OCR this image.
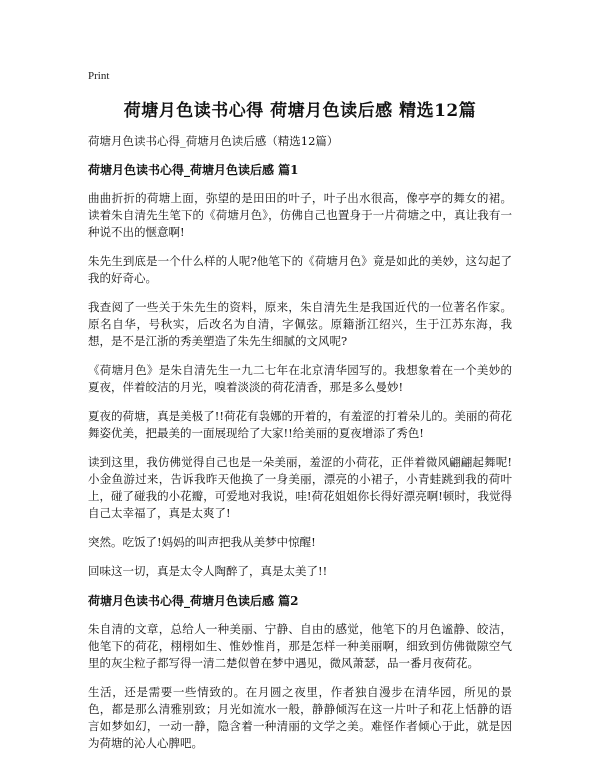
Print
荷塘月色读书心得 荷塘月色读后感 精选12篇
荷塘月色读书心得_荷塘月色读后感（精选12篇）
荷塘月色读书心得_荷塘月色读后感 篇1

曲曲折折的荷塘上面，弥望的是田田的叶子，叶子出水很高，像亭亭的舞女的裙。读着朱自清先生笔下的《荷塘月色》，仿佛自己也置身于一片荷塘之中，真让我有一种说不出的惬意啊!

朱先生到底是一个什么样的人呢?他笔下的《荷塘月色》竟是如此的美妙，这勾起了我的好奇心。

我查阅了一些关于朱先生的资料，原来，朱自清先生是我国近代的一位著名作家。原名自华，号秋实，后改名为自清，字佩弦。原籍浙江绍兴，生于江苏东海，我想，是不是江浙的秀美塑造了朱先生细腻的文风呢?

《荷塘月色》是朱自清先生一九二七年在北京清华园写的。我想象着在一个美妙的夏夜，伴着皎洁的月光，嗅着淡淡的荷花清香，那是多么曼妙!

夏夜的荷塘，真是美极了!!荷花有袅娜的开着的，有羞涩的打着朵儿的。美丽的荷花舞姿优美，把最美的一面展现给了大家!!给美丽的夏夜增添了秀色!

读到这里，我仿佛觉得自己也是一朵美丽，羞涩的小荷花，正伴着微风翩翩起舞呢!小金鱼游过来，告诉我昨天他换了一身美丽，漂亮的小裙子，小青蛙跳到我的荷叶上，碰了碰我的小花瓣，可爱地对我说，哇!荷花姐姐你长得好漂亮啊!顿时，我觉得自己太幸福了，真是太爽了!

突然。吃饭了!妈妈的叫声把我从美梦中惊醒!

回味这一切，真是太令人陶醉了，真是太美了!!

荷塘月色读书心得_荷塘月色读后感 篇2

朱自清的文章，总给人一种美丽、宁静、自由的感觉，他笔下的月色谧静、皎洁，他笔下的荷花，栩栩如生、惟妙惟肖，那是怎样一种美丽啊，细致到仿佛微隙空气里的灰尘粒子都写得一清二楚似曾在梦中遇见，微风萧瑟，品一番月夜荷花。

生活，还是需要一些情致的。在月圆之夜里，作者独自漫步在清华园，所见的景色，都是那么清雅别致；月光如流水一般，静静倾泻在这一片叶子和花上恬静的语言如梦如幻，一动一静，隐含着一种清丽的文学之美。难怪作者倾心于此，就是因为荷塘的沁人心脾吧。
